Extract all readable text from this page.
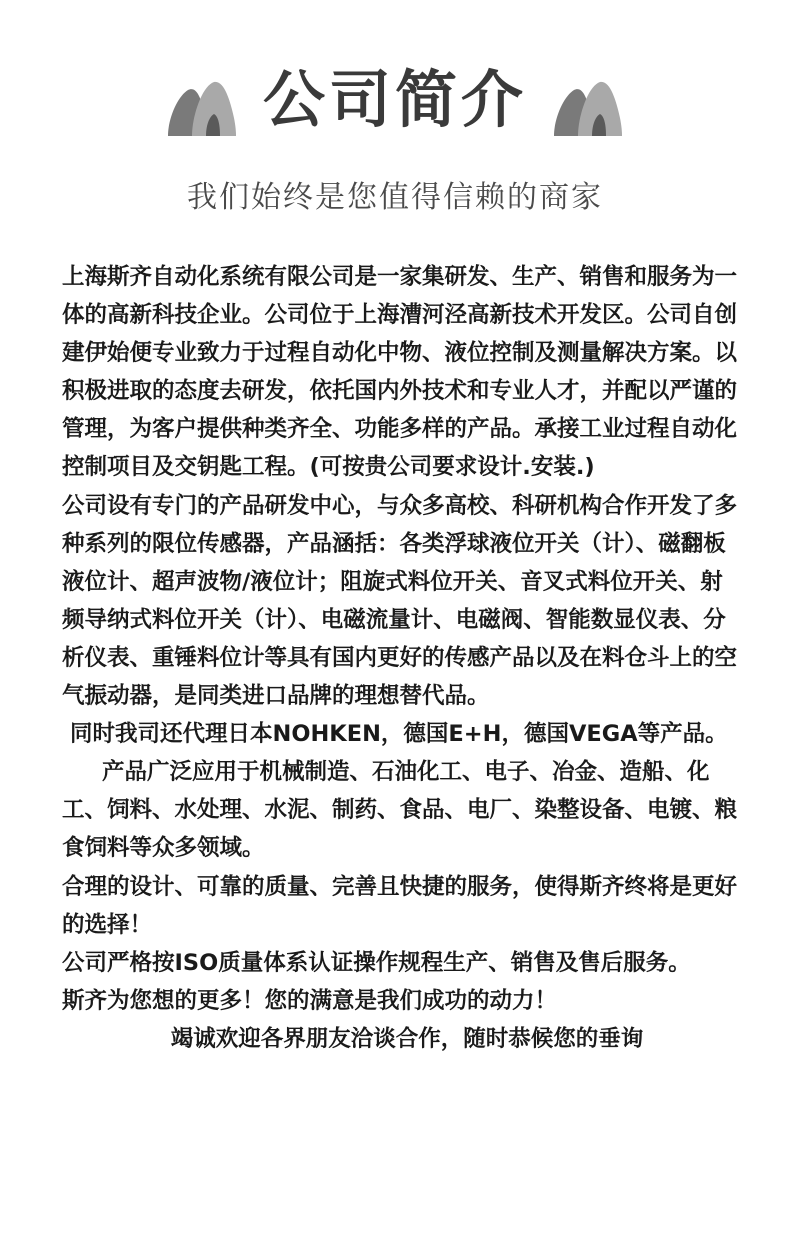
公司简介
我们始终是您值得信赖的商家

上海斯齐自动化系统有限公司是一家集研发、生产、销售和服务为一体的高新科技企业。公司位于上海漕河泾高新技术开发区。公司自创建伊始便专业致力于过程自动化中物、液位控制及测量解决方案。以积极进取的态度去研发，依托国内外技术和专业人才，并配以严谨的管理，为客户提供种类齐全、功能多样的产品。承接工业过程自动化控制项目及交钥匙工程。(可按贵公司要求设计.安装.)

公司设有专门的产品研发中心，与众多高校、科研机构合作开发了多种系列的限位传感器，产品涵括：各类浮球液位开关（计）、磁翻板液位计、超声波物/液位计；阻旋式料位开关、音叉式料位开关、射频导纳式料位开关（计）、电磁流量计、电磁阀、智能数显仪表、分析仪表、重锤料位计等具有国内更好的传感产品以及在料仓斗上的空气振动器，是同类进口品牌的理想替代品。

同时我司还代理日本NOHKEN，德国E+H，德国VEGA等产品。

产品广泛应用于机械制造、石油化工、电子、冶金、造船、化工、饲料、水处理、水泥、制药、食品、电厂、染整设备、电镀、粮食饲料等众多领域。

合理的设计、可靠的质量、完善且快捷的服务，使得斯齐终将是更好的选择！

公司严格按ISO质量体系认证操作规程生产、销售及售后服务。

斯齐为您想的更多！您的满意是我们成功的动力！

竭诚欢迎各界朋友洽谈合作，随时恭候您的垂询
